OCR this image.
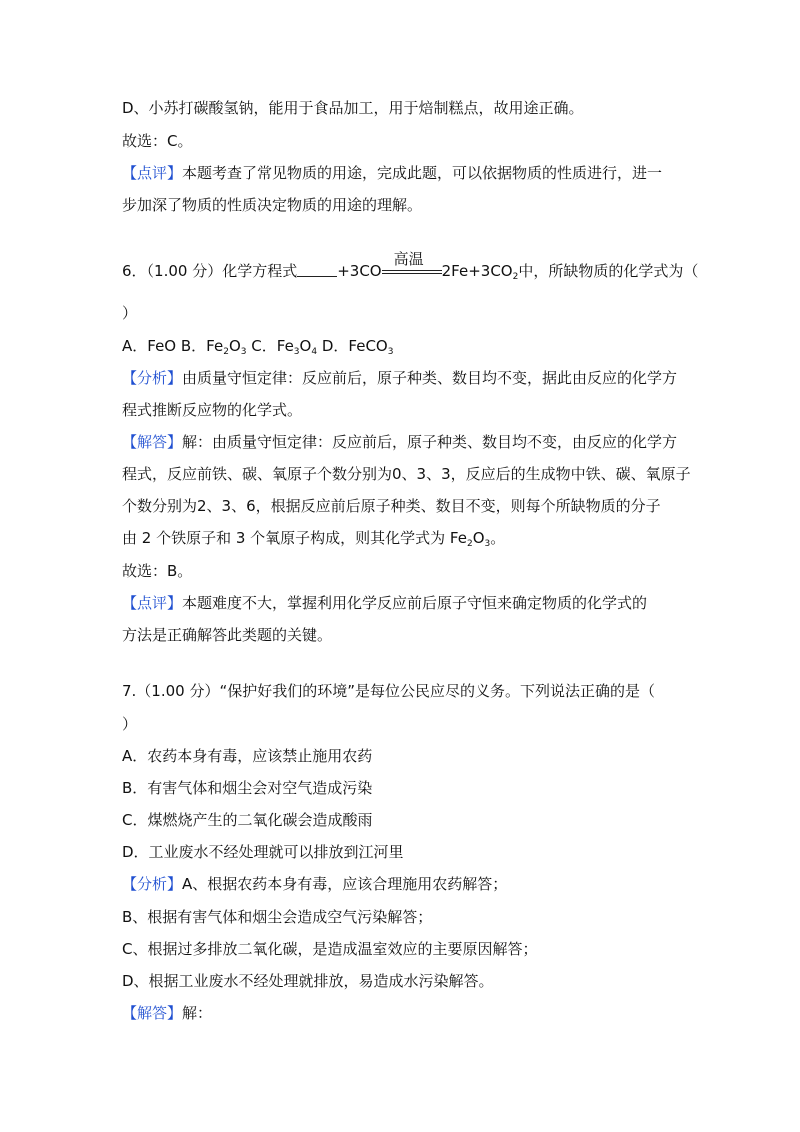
D、小苏打碳酸氢钠，能用于食品加工，用于焙制糕点，故用途正确。
故选：C。
【点评】本题考查了常见物质的用途，完成此题，可以依据物质的性质进行，进一
步加深了物质的性质决定物质的用途的理解。
6．（1.00 分）化学方程式	+3CO
高温
$2Fe+3CO_2$中，所缺物质的化学式为（
）
A．FeO B．$Fe_2O_3$ C．$Fe_3O_4$ D．FeCO$_3$
【分析】由质量守恒定律：反应前后，原子种类、数目均不变，据此由反应的化学方
程式推断反应物的化学式。
【解答】解：由质量守恒定律：反应前后，原子种类、数目均不变，由反应的化学方
程式，反应前铁、碳、氧原子个数分别为0、3、3，反应后的生成物中铁、碳、氧原子
个数分别为2、3、6，根据反应前后原子种类、数目不变，则每个所缺物质的分子
由 2 个铁原子和 3 个氧原子构成，则其化学式为 $Fe_2O_3$。
故选：B。
【点评】本题难度不大，掌握利用化学反应前后原子守恒来确定物质的化学式的
方法是正确解答此类题的关键。
7.（1.00 分）“保护好我们的环境”是每位公民应尽的义务。下列说法正确的是（
）
A．农药本身有毒，应该禁止施用农药
B．有害气体和烟尘会对空气造成污染
C．煤燃烧产生的二氧化碳会造成酸雨
D．工业废水不经处理就可以排放到江河里
【分析】A、根据农药本身有毒，应该合理施用农药解答；
B、根据有害气体和烟尘会造成空气污染解答；
C、根据过多排放二氧化碳，是造成温室效应的主要原因解答；
D、根据工业废水不经处理就排放，易造成水污染解答。
【解答】解：
